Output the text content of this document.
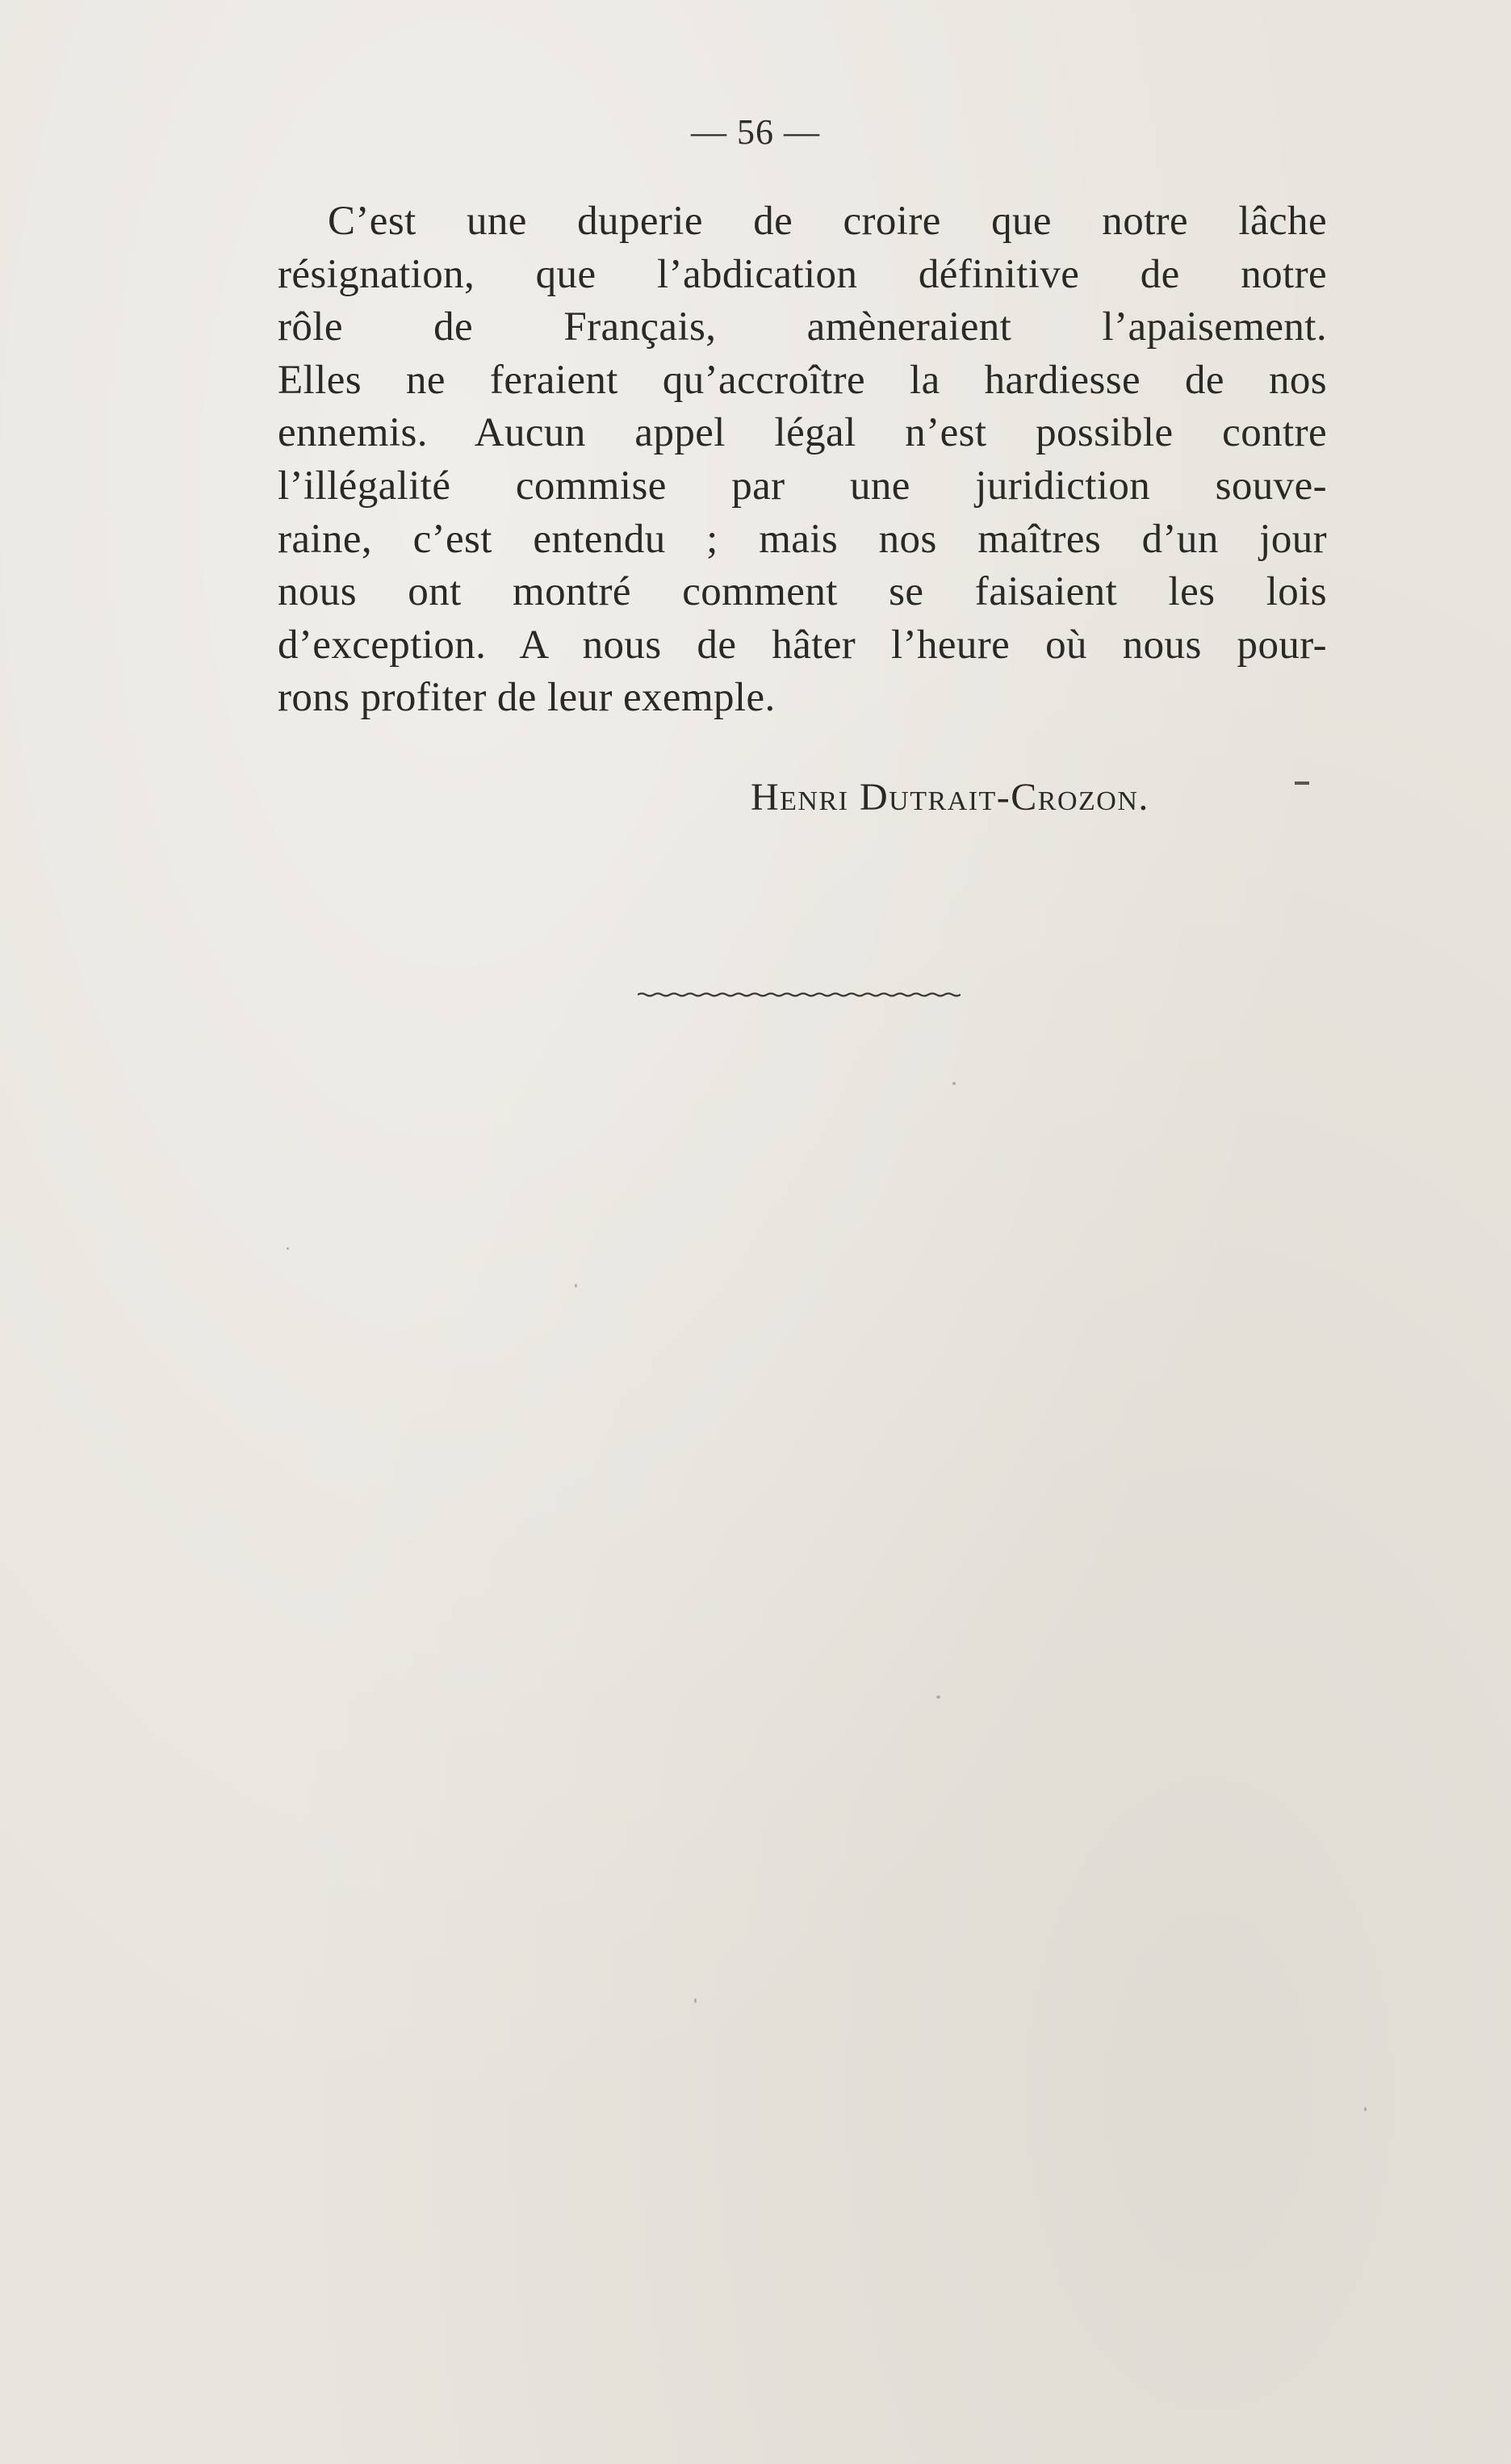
— 56 —
C’est une duperie de croire que notre lâche
résignation, que l’abdication définitive de notre
rôle de Français, amèneraient l’apaisement.
Elles ne feraient qu’accroître la hardiesse de nos
ennemis. Aucun appel légal n’est possible contre
l’illégalité commise par une juridiction souve-
raine, c’est entendu ; mais nos maîtres d’un jour
nous ont montré comment se faisaient les lois
d’exception. A nous de hâter l’heure où nous pour-
rons profiter de leur exemple.
Henri Dutrait-Crozon.
